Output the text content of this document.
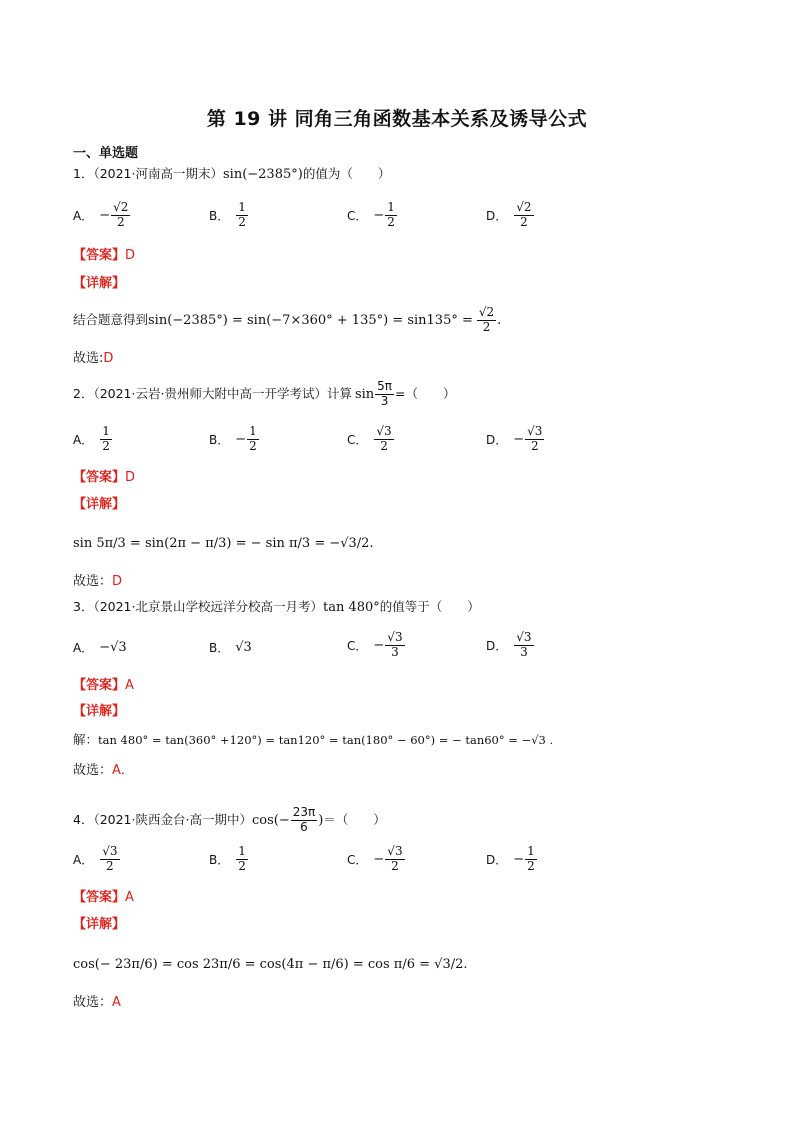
第 19 讲 同角三角函数基本关系及诱导公式
一、单选题
1．（2021·河南高一期末） sin(−2385°) 的值为（　　）
A． − $\frac{√2}{2}$	B． $\frac{1}{2}$	C． − $\frac{1}{2}$	D． $\frac{√2}{2}$
【答案】D
【详解】
结合题意得到 $\sin(-2385^\circ) = \sin(-7\times 360^\circ + 135^\circ) = \sin 135^\circ = \frac{√2}{2}$ .
故选:D
2．（2021·云岩·贵州师大附中高一开学考试）计算 $\sin \frac{5\pi}{3}$ =（　　）
A． $\frac{1}{2}$	B． − $\frac{1}{2}$	C． $\frac{√3}{2}$	D． − $\frac{√3}{2}$
【答案】D
【详解】
sin 5π/3 = sin(2π − π/3) = − sin π/3 = −√3/2.
故选：D
3．（2021·北京景山学校远洋分校高一月考） tan 480° 的值等于（　　）
A． −√3	B． √3	C． − $\frac{√3}{3}$	D． $\frac{√3}{3}$
【答案】A
【详解】
解： tan 480° = tan(360° +120°) = tan120° = tan(180° − 60°) = − tan60° = −√3 .
故选：A．
4．（2021·陕西金台·高一期中） $\cos(- \frac{23\pi}{6}$ ) ＝（　　）
A． $\frac{√3}{2}$	B． $\frac{1}{2}$	C． − $\frac{√3}{2}$	D． − $\frac{1}{2}$
【答案】A
【详解】
cos(− 23π/6) = cos 23π/6 = cos(4π − π/6) = cos π/6 = √3/2.
故选：A
